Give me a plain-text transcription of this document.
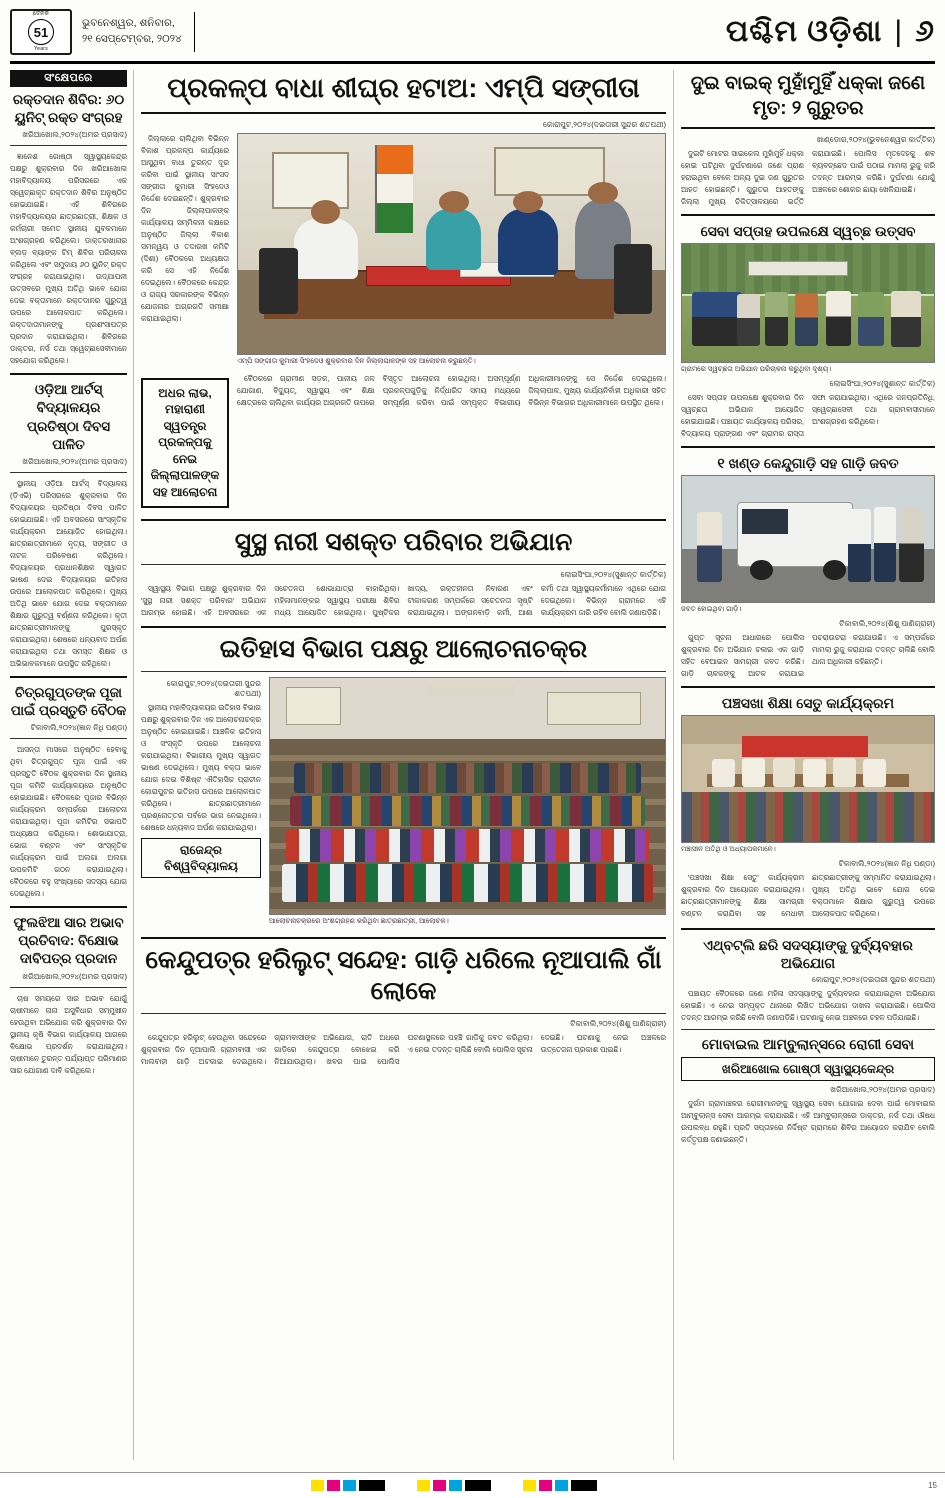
ଦୈନିକ
51
Years
ଭୁବନେଶ୍ୱର, ଶନିବାର,
୨୧ ସେପ୍ଟେମ୍ବର, ୨୦୨୪	ପଶ୍ଚିମ ଓଡ଼ିଶା | ୬
ସଂକ୍ଷେପରେ
ରକ୍ତଦାନ ଶିବିର: ୬୦ ୟୁନିଟ୍ ରକ୍ତ ସଂଗ୍ରହ
ଖରିଆଖୋଲ,୨୦୨୪(ଅମର ପ୍ରସାଦ)

ଜ୍ଞାନେଶ ଗୋଷ୍ଠୀ ସ୍ୱାସ୍ଥ୍ୟକେନ୍ଦ୍ର ପକ୍ଷରୁ ଶୁକ୍ରବାର ଦିନ ଖରିଆଖୋଲ ମହାବିଦ୍ୟାଳୟ ପରିସରରେ ଏକ ସ୍ୱେଚ୍ଛାକୃତ ରକ୍ତଦାନ ଶିବିର ଅନୁଷ୍ଠିତ ହୋଇଯାଇଛି। ଏହି ଶିବିରରେ ମହାବିଦ୍ୟାଳୟର ଛାତ୍ରଛାତ୍ରୀ, ଶିକ୍ଷକ ଓ କର୍ମଚାରୀ ସମେତ ସ୍ଥାନୀୟ ଯୁବକମାନେ ଅଂଶଗ୍ରହଣ କରିଥିଲେ। ଡାକ୍ତରଖାନାର ବ୍ଲଡ଼ ବ୍ୟାଙ୍କ ଟିମ୍ ଶିବିର ପରିଚାଳନା କରିଥିଲେ ଏବଂ ସମୁଦାୟ ୬୦ ୟୁନିଟ୍ ରକ୍ତ ସଂଗ୍ରହ କରାଯାଇଥିଲା। ଉଦ୍ଯାପନୀ ଉତ୍ସବରେ ମୁଖ୍ୟ ଅତିଥି ଭାବେ ଯୋଗ ଦେଇ ବକ୍ତାମାନେ ରକ୍ତଦାନର ଗୁରୁତ୍ୱ ଉପରେ ଆଲୋକପାତ କରିଥିଲେ। ରକ୍ତଦାତାମାନଙ୍କୁ ପ୍ରଶଂସାପତ୍ର ପ୍ରଦାନ କରାଯାଇଥିଲା। ଶିବିରରେ ଡାକ୍ତର, ନର୍ସ ତଥା ସ୍ୱେଚ୍ଛାସେବୀମାନେ ସହଯୋଗ କରିଥିଲେ।

ଓଡ଼ିଆ ଆର୍ଟସ୍ ବିଦ୍ୟାଳୟର ପ୍ରତିଷ୍ଠା ଦିବସ ପାଳିତ
ଖରିଆଖୋଲ,୨୦୨୪(ଅମର ପ୍ରସାଦ)

ସ୍ଥାନୀୟ ଓଡ଼ିଆ ଆର୍ଟସ୍ ବିଦ୍ୟାଳୟ (ଡ଼ିଏଭି) ପରିସରରେ ଶୁକ୍ରବାର ଦିନ ବିଦ୍ୟାଳୟର ପ୍ରତିଷ୍ଠା ଦିବସ ପାଳିତ ହୋଇଯାଇଛି। ଏହି ଅବସରରେ ସାଂସ୍କୃତିକ କାର୍ଯ୍ୟକ୍ରମ ଆୟୋଜିତ ହୋଇଥିଲା। ଛାତ୍ରଛାତ୍ରୀମାନେ ନୃତ୍ୟ, ସଙ୍ଗୀତ ଓ ନାଟକ ପରିବେଷଣ କରିଥିଲେ। ବିଦ୍ୟାଳୟର ପ୍ରଧାନଶିକ୍ଷକ ସ୍ୱାଗତ ଭାଷଣ ଦେଇ ବିଦ୍ୟାଳୟର ଇତିହାସ ଉପରେ ଆଲୋକପାତ କରିଥିଲେ। ମୁଖ୍ୟ ଅତିଥି ଭାବେ ଯୋଗ ଦେଇ ବକ୍ତାମାନେ ଶିକ୍ଷାର ଗୁରୁତ୍ୱ ବର୍ଣ୍ଣନା କରିଥିଲେ। କୃତୀ ଛାତ୍ରଛାତ୍ରୀମାନଙ୍କୁ ପୁରସ୍କୃତ କରାଯାଇଥିଲା। ଶେଷରେ ଧନ୍ୟବାଦ ଅର୍ପଣ କରାଯାଇଥିଲା ତଥା ସମସ୍ତ ଶିକ୍ଷକ ଓ ଅଭିଭାବକମାନେ ଉପସ୍ଥିତ ରହିଥିଲେ।

ଚିତ୍ରଗୁପ୍ତଙ୍କ ପୂଜା ପାଇଁ ପ୍ରସ୍ତୁତି ବୈଠକ
ଟିକାବାଲି,୨୦୨୪(ଜ୍ଞାନ ନିଧି ପଣ୍ଡା)

ଆସନ୍ତା ମାସରେ ଅନୁଷ୍ଠିତ ହେବାକୁ ଥିବା ଚିତ୍ରଗୁପ୍ତ ପୂଜା ପାଇଁ ଏକ ପ୍ରସ୍ତୁତି ବୈଠକ ଶୁକ୍ରବାର ଦିନ ସ୍ଥାନୀୟ ପୂଜା କମିଟି କାର୍ଯ୍ୟାଳୟରେ ଅନୁଷ୍ଠିତ ହୋଇଯାଇଛି। ବୈଠକରେ ପୂଜାର ବିଭିନ୍ନ କାର୍ଯ୍ୟକ୍ରମ ସମ୍ପର୍କରେ ଆଲୋଚନା କରାଯାଇଥିଲା। ପୂଜା କମିଟିର ସଭାପତି ଅଧ୍ୟକ୍ଷତା କରିଥିଲେ। ଶୋଭାଯାତ୍ରା, ଭୋଗ ବଣ୍ଟନ ଏବଂ ସାଂସ୍କୃତିକ କାର୍ଯ୍ୟକ୍ରମ ପାଇଁ ଅଲଗା ଅଲଗା ଉପକମିଟି ଗଠନ କରାଯାଇଥିଲା। ବୈଠକରେ ବହୁ ସଂଖ୍ୟାରେ ସଦସ୍ୟ ଯୋଗ ଦେଇଥିଲେ।

ଫୁଲଝିଆ ସାର ଅଭାବ ପ୍ରତିବାଦ: ବିକ୍ଷୋଭ ଦାବିପତ୍ର ପ୍ରଦାନ
ଖରିଆଖୋଲ,୨୦୨୪(ଅମର ପ୍ରସାଦ)

ଚାଷ ସମୟରେ ସାର ଅଭାବ ଯୋଗୁଁ ଚାଷୀମାନେ ନାନା ଅସୁବିଧାର ସମ୍ମୁଖୀନ ହେଉଥିବା ଅଭିଯୋଗ କରି ଶୁକ୍ରବାର ଦିନ ସ୍ଥାନୀୟ କୃଷି ବିଭାଗ କାର୍ଯ୍ୟାଳୟ ଆଗରେ ବିକ୍ଷୋଭ ପ୍ରଦର୍ଶନ କରାଯାଇଥିଲା। ଚାଷୀମାନେ ତୁରନ୍ତ ପର୍ଯ୍ୟାପ୍ତ ପରିମାଣର ସାର ଯୋଗାଣ ଦାବି କରିଥିଲେ।

ପ୍ରକଳ୍ପ ବାଧା ଶୀଘ୍ର ହଟାଅ: ଏମ୍‌ପି ସଙ୍ଗୀତା
କୋରାପୁଟ,୨୦୨୪(ଦଇତାରୀ ସୁନ୍ଦର ଶତପଥୀ)

ଜିଲ୍ଲାରେ ଚାଲିଥିବା ବିଭିନ୍ନ ବିକାଶ ପ୍ରକଳ୍ପ କାର୍ଯ୍ୟରେ ଆସୁଥିବା ବାଧା ତୁରନ୍ତ ଦୂର କରିବା ପାଇଁ ସ୍ଥାନୀୟ ସାଂସଦ ସଙ୍ଗୀତା କୁମାରୀ ସିଂହଦେଓ ନିର୍ଦ୍ଦେଶ ଦେଇଛନ୍ତି। ଶୁକ୍ରବାର ଦିନ ଜିଲ୍ଲାପାଳଙ୍କ କାର୍ଯ୍ୟାଳୟ ସମ୍ମିଳନୀ କକ୍ଷରେ ଅନୁଷ୍ଠିତ ଜିଲ୍ଲା ବିକାଶ ସମନ୍ୱୟ ଓ ତଦାରଖ କମିଟି (ଦିଶା) ବୈଠକରେ ଅଧ୍ୟକ୍ଷତା କରି ସେ ଏହି ନିର୍ଦ୍ଦେଶ ଦେଇଥିଲେ। ବୈଠକରେ କେନ୍ଦ୍ର ଓ ରାଜ୍ୟ ସରକାରଙ୍କ ବିଭିନ୍ନ ଯୋଜନାର ଅଗ୍ରଗତି ସମୀକ୍ଷା କରାଯାଇଥିଲା।

ଏମ୍‌ପି ସଙ୍ଗୀତା କୁମାରୀ ସିଂହଦେଓ ଶୁକ୍ରବାର ଦିନ ଜିଲ୍ଲାପାଳଙ୍କ ସହ ଆଲୋଚନା କରୁଛନ୍ତି।
ଅଧର ଲାଭ, ମହାରାଣୀ ସ୍ୱତନ୍ତ୍ର ପ୍ରକଳ୍ପକୁ ନେଇ ଜିଲ୍ଲାପାଳଙ୍କ ସହ ଆଲୋଚନା

ବୈଠକରେ ଗ୍ରାମୀଣ ସଡ଼କ, ପାନୀୟ ଜଳ ଯୋଗାଣ, ବିଦ୍ୟୁତ୍, ସ୍ୱାସ୍ଥ୍ୟ ଏବଂ ଶିକ୍ଷା କ୍ଷେତ୍ରରେ ଚାଲିଥିବା କାର୍ଯ୍ୟର ଅଗ୍ରଗତି ଉପରେ ବିସ୍ତୃତ ଆଲୋଚନା ହୋଇଥିଲା। ଅସମ୍ପୂର୍ଣ୍ଣ ପ୍ରକଳ୍ପଗୁଡ଼ିକୁ ନିର୍ଦ୍ଧାରିତ ସମୟ ମଧ୍ୟରେ ସମ୍ପୂର୍ଣ୍ଣ କରିବା ପାଇଁ ସମ୍ପୃକ୍ତ ବିଭାଗୀୟ ଅଧିକାରୀମାନଙ୍କୁ ସେ ନିର୍ଦ୍ଦେଶ ଦେଇଥିଲେ। ଜିଲ୍ଲାପାଳ, ମୁଖ୍ୟ କାର୍ଯ୍ୟନିର୍ବାହୀ ଅଧିକାରୀ ସହିତ ବିଭିନ୍ନ ବିଭାଗର ଅଧିକାରୀମାନେ ଉପସ୍ଥିତ ଥିଲେ।

ସୁସ୍ଥ ନାରୀ ସଶକ୍ତ ପରିବାର ଅଭିଯାନ
ଲୋଇସିଂଘା,୨୦୨୪(ସୁଶାନ୍ତ କାର୍ତ୍ତିକ)

ସ୍ୱାସ୍ଥ୍ୟ ବିଭାଗ ପକ୍ଷରୁ ଶୁକ୍ରବାର ଦିନ 'ସୁସ୍ଥ ନାରୀ ସଶକ୍ତ ପରିବାର' ଅଭିଯାନ ଆରମ୍ଭ ହୋଇଛି। ଏହି ଅବସରରେ ଏକ ସଚେତନତା ଶୋଭାଯାତ୍ରା ବାହାରିଥିଲା। ମହିଳାମାନଙ୍କର ସ୍ୱାସ୍ଥ୍ୟ ପରୀକ୍ଷା ଶିବିର ମଧ୍ୟ ଆୟୋଜିତ ହୋଇଥିଲା। ପୁଷ୍ଟିକର ଖାଦ୍ୟ, ରକ୍ତହୀନତା ନିବାରଣ ଏବଂ ଟୀକାକରଣ ସମ୍ପର୍କରେ ସଚେତନତା ସୃଷ୍ଟି କରାଯାଇଥିଲା। ଅଙ୍ଗନବାଡ଼ି କର୍ମୀ, ଆଶା କର୍ମୀ ତଥା ସ୍ୱାସ୍ଥ୍ୟକର୍ମୀମାନେ ଏଥିରେ ଯୋଗ ଦେଇଥିଲେ। ବିଭିନ୍ନ ଗ୍ରାମରେ ଏହି କାର୍ଯ୍ୟକ୍ରମ ଜାରି ରହିବ ବୋଲି ଜଣାପଡ଼ିଛି।

ଇତିହାସ ବିଭାଗ ପକ୍ଷରୁ ଆଲୋଚନାଚକ୍ର
କୋରାପୁଟ,୨୦୨୪(ଦଇତାରୀ ସୁନ୍ଦର ଶତପଥୀ)

ସ୍ଥାନୀୟ ମହାବିଦ୍ୟାଳୟର ଇତିହାସ ବିଭାଗ ପକ୍ଷରୁ ଶୁକ୍ରବାର ଦିନ ଏକ ଆଲୋଚନାଚକ୍ର ଅନୁଷ୍ଠିତ ହୋଇଯାଇଛି। ଆଞ୍ଚଳିକ ଇତିହାସ ଓ ସଂସ୍କୃତି ଉପରେ ଆଲୋଚନା କରାଯାଇଥିଲା। ବିଭାଗୀୟ ମୁଖ୍ୟ ସ୍ୱାଗତ ଭାଷଣ ଦେଇଥିଲେ। ମୁଖ୍ୟ ବକ୍ତା ଭାବେ ଯୋଗ ଦେଇ ବିଶିଷ୍ଟ ଐତିହାସିକ ପ୍ରାଚୀନ କୋରାପୁଟର ଇତିହାସ ଉପରେ ଆଲୋକପାତ କରିଥିଲେ। ଛାତ୍ରଛାତ୍ରୀମାନେ ପ୍ରଶ୍ନୋତ୍ତର ପର୍ବରେ ଭାଗ ନେଇଥିଲେ। ଶେଷରେ ଧନ୍ୟବାଦ ଅର୍ପଣ କରାଯାଇଥିଲା।

ରାଜେନ୍ଦ୍ର ବିଶ୍ୱବିଦ୍ୟାଳୟ
ଆଲୋଚନାଚକ୍ରରେ ଅଂଶଗ୍ରହଣ କରିଥିବା ଛାତ୍ରଛାତ୍ରୀ, ଆଲୋଚକ।
କେନ୍ଦୁପତ୍ର ହରିଲୁଟ୍ ସନ୍ଦେହ: ଗାଡ଼ି ଧରିଲେ ନୂଆପାଲି ଗାଁ ଲୋକେ
ଟିକାବାଲି,୨୦୨୪(ଶିଶୁ ପାଣିଗ୍ରାହୀ)

କେନ୍ଦୁପତ୍ର ହରିଲୁଟ୍ ହେଉଥିବା ସନ୍ଦେହରେ ଶୁକ୍ରବାର ଦିନ ନୂଆପାଲି ଗ୍ରାମବାସୀ ଏକ ମାଲବାହୀ ଗାଡ଼ି ଅଟକାଇ ଦେଇଥିଲେ। ଗ୍ରାମବାସୀଙ୍କ ଅଭିଯୋଗ, ରାତି ଅଧରେ ଗାଡ଼ିରେ କେନ୍ଦୁପତ୍ର ବୋଝେଇ କରି ନିଆଯାଉଥିଲା। ଖବର ପାଇ ପୋଲିସ ଘଟଣାସ୍ଥଳରେ ପହଞ୍ଚି ଗାଡ଼ିକୁ ଜବତ କରିଥିଲା। ଏ ନେଇ ତଦନ୍ତ ଚାଲିଛି ବୋଲି ପୋଲିସ ସୂଚନା ଦେଇଛି। ଘଟଣାକୁ ନେଇ ଅଞ୍ଚଳରେ ଉତ୍ତେଜନା ପ୍ରକାଶ ପାଇଛି।

ଦୁଇ ବାଇକ୍ ମୁହାଁମୁହିଁ ଧକ୍କା ଜଣେ ମୃତ: ୨ ଗୁରୁତର
ଖାଣ୍ଡୋର,୨୦୨୪(ଭୁବନେଶ୍ୱର କାର୍ତ୍ତିକ)

ଦୁଇଟି ମୋଟର ସାଇକେଲ ମୁହାଁମୁହିଁ ଧକ୍କା ହୋଇ ଘଟିଥିବା ଦୁର୍ଘଟଣାରେ ଜଣେ ପ୍ରାଣ ହରାଇଥିବା ବେଳେ ଅନ୍ୟ ଦୁଇ ଜଣ ଗୁରୁତର ଆହତ ହୋଇଛନ୍ତି। ଗୁରୁତର ଆହତଙ୍କୁ ଜିଲ୍ଲା ମୁଖ୍ୟ ଚିକିତ୍ସାଳୟରେ ଭର୍ତ୍ତି କରାଯାଇଛି। ପୋଲିସ ମୃତଦେହକୁ ଶବ ବ୍ୟବଚ୍ଛେଦ ପାଇଁ ପଠାଇ ମାମଲା ରୁଜୁ କରି ତଦନ୍ତ ଆରମ୍ଭ କରିଛି। ଦୁର୍ଘଟଣା ଯୋଗୁଁ ଅଞ୍ଚଳରେ ଶୋକର ଛାୟା ଖେଳିଯାଇଛି।

ସେବା ସପ୍ତାହ ଉପଲକ୍ଷେ ସ୍ୱଚ୍ଛ ଉତ୍ସବ
ଗ୍ରାମରେ ସ୍ୱଚ୍ଛତା ଅଭିଯାନ ପରିଚାଳନା କରୁଥିବା ଦୃଶ୍ୟ।
ଲୋଇସିଂଘା,୨୦୨୪(ସୁଶାନ୍ତ କାର୍ତ୍ତିକ)

ସେବା ସପ୍ତାହ ଉପଲକ୍ଷେ ଶୁକ୍ରବାର ଦିନ ସ୍ୱଚ୍ଛତା ଅଭିଯାନ ଆୟୋଜିତ ହୋଇଯାଇଛି। ପଞ୍ଚାୟତ କାର୍ଯ୍ୟାଳୟ ପରିସର, ବିଦ୍ୟାଳୟ ପ୍ରାଙ୍ଗଣ ଏବଂ ଗ୍ରାମର ରାସ୍ତା ସଫା କରାଯାଇଥିଲା। ଏଥିରେ ଜନପ୍ରତିନିଧି, ସ୍ୱେଚ୍ଛାସେବୀ ତଥା ଗ୍ରାମବାସୀମାନେ ଅଂଶଗ୍ରହଣ କରିଥିଲେ।

୧ ଖଣ୍ଡ କେନ୍ଦୁଗାଡ଼ି ସହ ଗାଡ଼ି ଜବତ
ଜବତ ହୋଇଥିବା ଗାଡ଼ି।
ଟିକାବାଲି,୨୦୨୪(ଶିଶୁ ପାଣିଗ୍ରାହୀ)

ଗୁପ୍ତ ସୂଚନା ଆଧାରରେ ପୋଲିସ ଶୁକ୍ରବାର ଦିନ ଅଭିଯାନ ଚଳାଇ ଏକ ଗାଡ଼ି ସହିତ ବେଆଇନ ସାମଗ୍ରୀ ଜବତ କରିଛି। ଗାଡ଼ି ଚାଳକଙ୍କୁ ଆଟକ କରାଯାଇ ପଚରାଉଚରା କରାଯାଉଛି। ଏ ସମ୍ପର୍କରେ ମାମଲା ରୁଜୁ କରାଯାଇ ତଦନ୍ତ ଚାଲିଛି ବୋଲି ଥାନା ଅଧିକାରୀ କହିଛନ୍ତି।

ପଞ୍ଚସଖା ଶିକ୍ଷା ସେତୁ କାର୍ଯ୍ୟକ୍ରମ
ମଞ୍ଚାସୀନ ଅତିଥି ଓ ଅଧ୍ୟାପକମାନେ।
ଟିକାବାଲି,୨୦୨୪(ଜ୍ଞାନ ନିଧି ପଣ୍ଡା)

'ପଞ୍ଚସଖା ଶିକ୍ଷା ସେତୁ' କାର୍ଯ୍ୟକ୍ରମ ଶୁକ୍ରବାର ଦିନ ଆୟୋଜନ କରାଯାଇଥିଲା। ଛାତ୍ରଛାତ୍ରୀମାନଙ୍କୁ ଶିକ୍ଷା ସାମଗ୍ରୀ ବଣ୍ଟନ କରାଯିବା ସହ ମେଧାବୀ ଛାତ୍ରଛାତ୍ରୀଙ୍କୁ ସମ୍ମାନିତ କରାଯାଇଥିଲା। ମୁଖ୍ୟ ଅତିଥି ଭାବେ ଯୋଗ ଦେଇ ବକ୍ତାମାନେ ଶିକ୍ଷାର ଗୁରୁତ୍ୱ ଉପରେ ଆଲୋକପାତ କରିଥିଲେ।

ଏଥ୍‌ବଟ୍‌ଲି ଛରି ସଦସ୍ୟାଙ୍କୁ ଦୁର୍ବ୍ୟବହାର ଅଭିଯୋଗ
କୋରାପୁଟ,୨୦୨୪(ଦଇତାରୀ ସୁନ୍ଦର ଶତପଥୀ)

ପଞ୍ଚାୟତ ବୈଠକରେ ଜଣେ ମହିଳା ସଦସ୍ୟାଙ୍କୁ ଦୁର୍ବ୍ୟବହାର କରାଯାଇଥିବା ଅଭିଯୋଗ ହୋଇଛି। ଏ ନେଇ ସମ୍ପୃକ୍ତ ଥାନାରେ ଲିଖିତ ଅଭିଯୋଗ ଦାଖଲ କରାଯାଇଛି। ପୋଲିସ ତଦନ୍ତ ଆରମ୍ଭ କରିଛି ବୋଲି ଜଣାପଡ଼ିଛି। ଘଟଣାକୁ ନେଇ ଅଞ୍ଚଳରେ ଚହଳ ପଡ଼ିଯାଇଛି।

ମୋବାଇଲ ଆମ୍ବୁଲାନ୍ସରେ ରୋଗୀ ସେବା
ଖରିଆଖୋଲ ଗୋଷ୍ଠୀ ସ୍ୱାସ୍ଥ୍ୟକେନ୍ଦ୍ର
ଖରିଆଖୋଲ,୨୦୨୪(ଅମର ପ୍ରସାଦ)

ଦୁର୍ଗମ ଗ୍ରାମାଞ୍ଚଳର ରୋଗୀମାନଙ୍କୁ ସ୍ୱାସ୍ଥ୍ୟ ସେବା ଯୋଗାଇ ଦେବା ପାଇଁ ମୋବାଇଲ ଆମ୍ବୁଲାନ୍ସ ସେବା ଆରମ୍ଭ କରାଯାଇଛି। ଏହି ଆମ୍ବୁଲାନ୍ସରେ ଡାକ୍ତର, ନର୍ସ ତଥା ଔଷଧ ଉପଲବ୍ଧ ରହୁଛି। ପ୍ରତି ସପ୍ତାହରେ ନିର୍ଦ୍ଦିଷ୍ଟ ଗ୍ରାମରେ ଶିବିର ଆୟୋଜନ କରାଯିବ ବୋଲି କର୍ତ୍ତୃପକ୍ଷ ଜଣାଇଛନ୍ତି।

15
